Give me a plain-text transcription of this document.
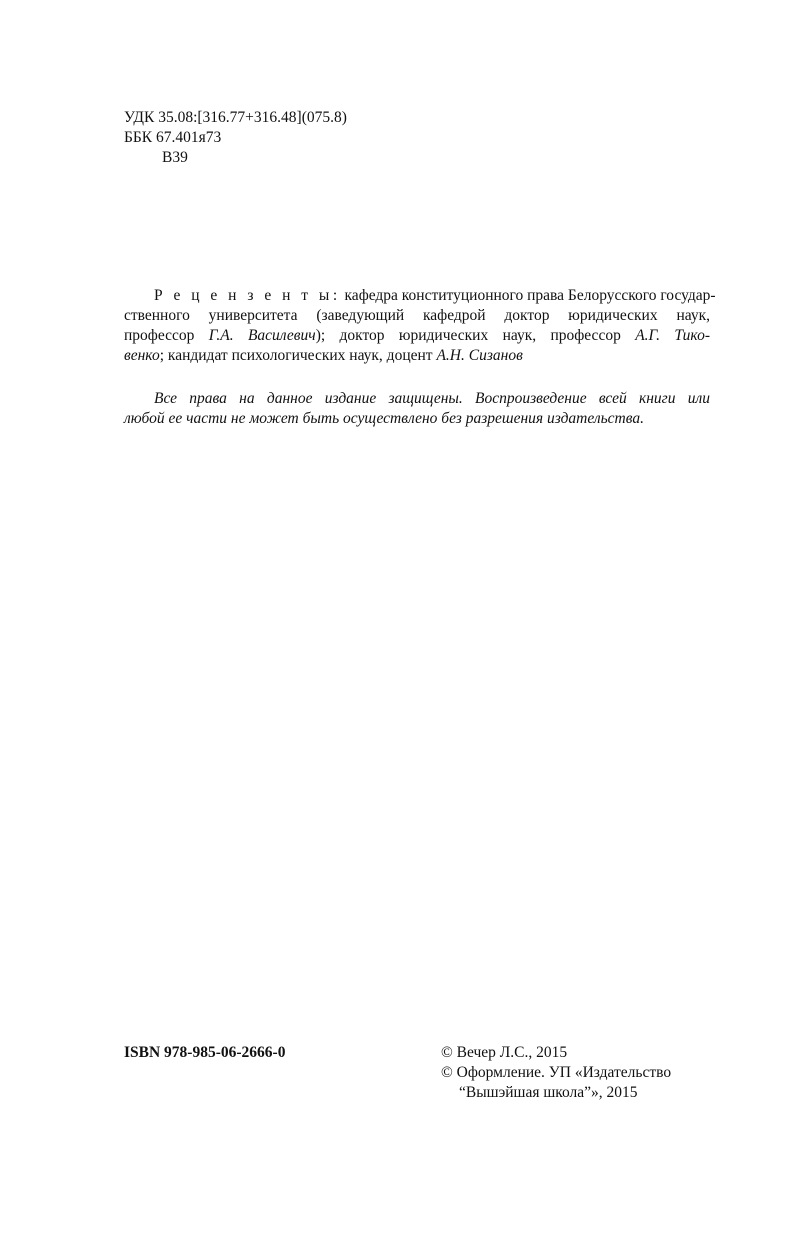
УДК 35.08:[316.77+316.48](075.8)
ББК 67.401я73
В39
Р е ц е н з е н т ы: кафедра конституционного права Белорусского государ-
ственного университета (заведующий кафедрой доктор юридических наук,
профессор Г.А. Василевич); доктор юридических наук, профессор А.Г. Тико-
венко; кандидат психологических наук, доцент А.Н. Сизанов
Все права на данное издание защищены. Воспроизведение всей книги или
любой ее части не может быть осуществлено без разрешения издательства.
ISBN 978-985-06-2666-0	© Вечер Л.С., 2015
© Оформление. УП «Издательство
“Вышэйшая школа”», 2015
